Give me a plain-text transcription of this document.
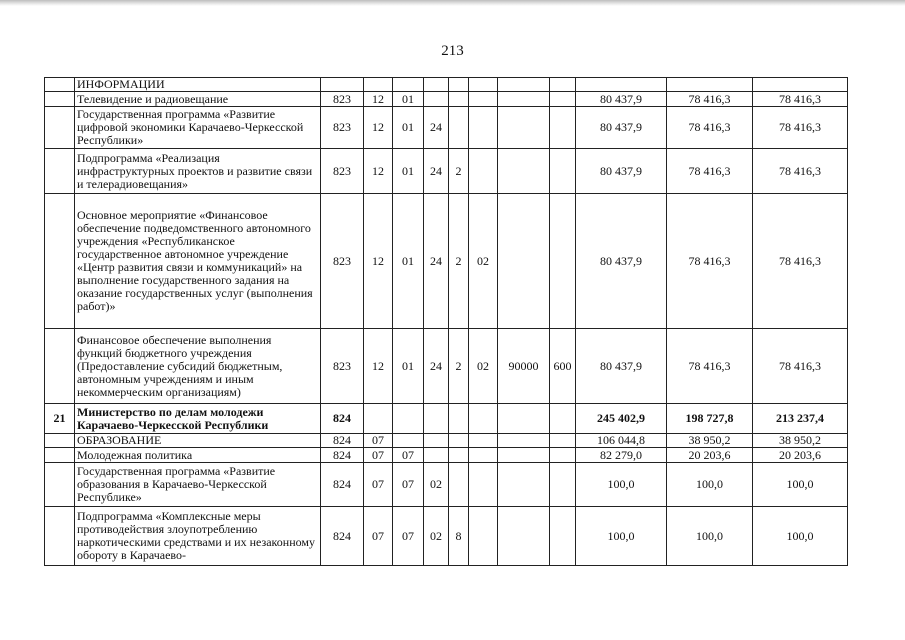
213
	ИНФОРМАЦИИ											
	Телевидение и радиовещание	823	12	01						80 437,9	78 416,3	78 416,3
	Государственная программа «Развитие цифровой экономики Карачаево-Черкесской Республики»	823	12	01	24					80 437,9	78 416,3	78 416,3
	Подпрограмма «Реализация инфраструктурных проектов и развитие связи и телерадиовещания»	823	12	01	24	2				80 437,9	78 416,3	78 416,3
	Основное мероприятие «Финансовое обеспечение подведомственного автономного учреждения «Республиканское государственное автономное учреждение «Центр развития связи и коммуникаций» на выполнение государственного задания на оказание государственных услуг (выполнения работ)»	823	12	01	24	2	02			80 437,9	78 416,3	78 416,3
	Финансовое обеспечение выполнения функций бюджетного учреждения (Предоставление субсидий бюджетным, автономным учреждениям и иным некоммерческим организациям)	823	12	01	24	2	02	90000	600	80 437,9	78 416,3	78 416,3
21	Министерство по делам молодежи Карачаево-Черкесской Республики	824								245 402,9	198 727,8	213 237,4
	ОБРАЗОВАНИЕ	824	07							106 044,8	38 950,2	38 950,2
	Молодежная политика	824	07	07						82 279,0	20 203,6	20 203,6
	Государственная программа «Развитие образования в Карачаево-Черкесской Республике»	824	07	07	02					100,0	100,0	100,0
	Подпрограмма «Комплексные меры противодействия злоупотреблению наркотическими средствами и их незаконному обороту в Карачаево-	824	07	07	02	8				100,0	100,0	100,0
